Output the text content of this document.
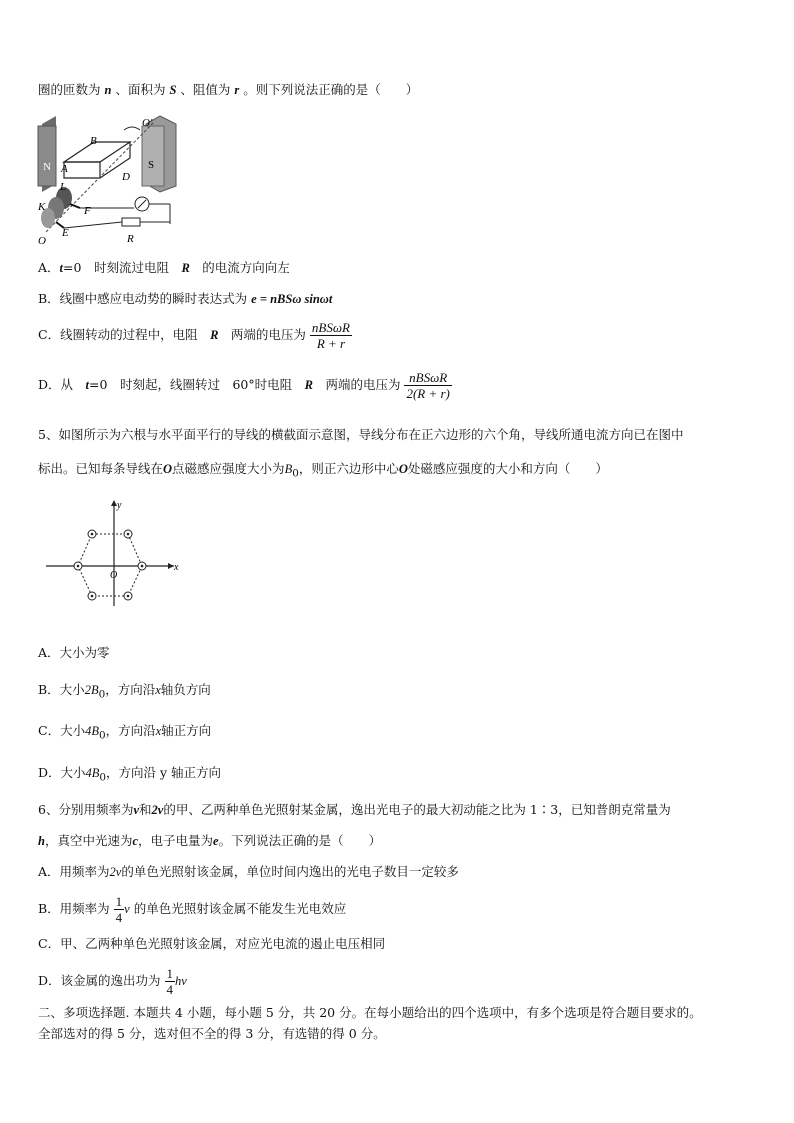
圈的匝数为 n 、面积为 S 、阻值为 r 。则下列说法正确的是（　　）
O′
B
N	S
A
D
L
F
K
E
O	R
A．t=0　时刻流过电阻　R　的电流方向向左
B．线圈中感应电动势的瞬时表达式为 e = nBSω sinωt
C．线圈转动的过程中，电阻　R　两端的电压为 $\frac{\text{nBSωR}}{R + r}$
D．从　t=0　时刻起，线圈转过　60°时电阻　R　两端的电压为 $\frac{\text{nBSωR}}{2(R + r)}$
5、如图所示为六根与水平面平行的导线的横截面示意图，导线分布在正六边形的六个角，导线所通电流方向已在图中
标出。已知每条导线在O点磁感应强度大小为$B_0$，则正六边形中心O处磁感应强度的大小和方向（　　）
y
x
O
A．大小为零
B．大小$2B_0$，方向沿x轴负方向
C．大小$4B_0$，方向沿x轴正方向
D．大小$4B_0$，方向沿 y 轴正方向
6、分别用频率为ν和2ν的甲、乙两种单色光照射某金属，逸出光电子的最大初动能之比为 1∶3，已知普朗克常量为
h，真空中光速为c，电子电量为e。下列说法正确的是（　　）
A．用频率为2ν的单色光照射该金属，单位时间内逸出的光电子数目一定较多
B．用频率为 $\frac{1}{4}$ ν 的单色光照射该金属不能发生光电效应
C．甲、乙两种单色光照射该金属，对应光电流的遏止电压相同
D．该金属的逸出功为 $\frac{1}{4}$ hν
二、多项选择题. 本题共 4 小题，每小题 5 分，共 20 分。在每小题给出的四个选项中，有多个选项是符合题目要求的。
全部选对的得 5 分，选对但不全的得 3 分，有选错的得 0 分。
